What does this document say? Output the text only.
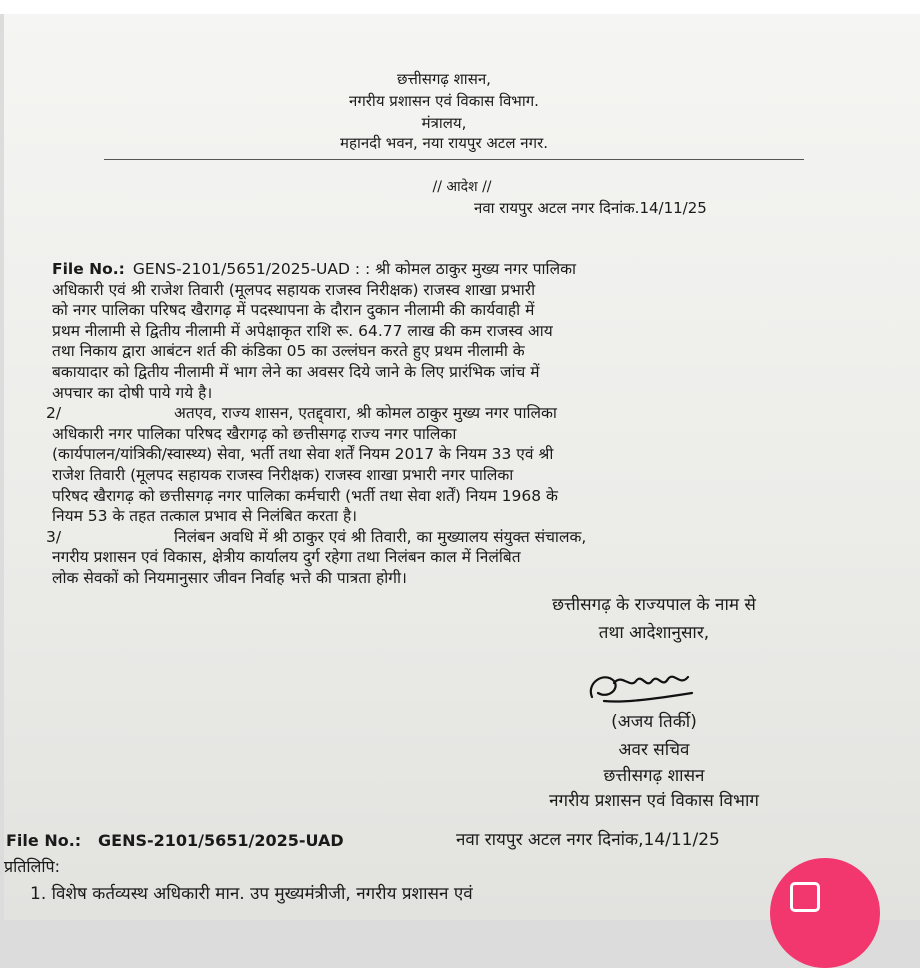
छत्तीसगढ़ शासन,
नगरीय प्रशासन एवं विकास विभाग.
मंत्रालय,
महानदी भवन, नया रायपुर अटल नगर.
// आदेश //
नवा रायपुर अटल नगर दिनांक.14/11/25
File No.: GENS-2101/5651/2025-UAD : : श्री कोमल ठाकुर मुख्य नगर पालिका
अधिकारी एवं श्री राजेश तिवारी (मूलपद सहायक राजस्व निरीक्षक) राजस्व शाखा प्रभारी
को नगर पालिका परिषद खैरागढ़ में पदस्थापना के दौरान दुकान नीलामी की कार्यवाही में
प्रथम नीलामी से द्वितीय नीलामी में अपेक्षाकृत राशि रू. 64.77 लाख की कम राजस्व आय
तथा निकाय द्वारा आबंटन शर्त की कंडिका 05 का उल्लंघन करते हुए प्रथम नीलामी के
बकायादार को द्वितीय नीलामी में भाग लेने का अवसर दिये जाने के लिए प्रारंभिक जांच में
अपचार का दोषी पाये गये है।
2/	अतएव, राज्य शासन, एतद्द्वारा, श्री कोमल ठाकुर मुख्य नगर पालिका
अधिकारी नगर पालिका परिषद खैरागढ़ को छत्तीसगढ़ राज्य नगर पालिका
(कार्यपालन/यांत्रिकी/स्वास्थ्य) सेवा, भर्ती तथा सेवा शर्तें नियम 2017 के नियम 33 एवं श्री
राजेश तिवारी (मूलपद सहायक राजस्व निरीक्षक) राजस्व शाखा प्रभारी नगर पालिका
परिषद खैरागढ़ को छत्तीसगढ़ नगर पालिका कर्मचारी (भर्ती तथा सेवा शर्तें) नियम 1968 के
नियम 53 के तहत तत्काल प्रभाव से निलंबित करता है।
3/	निलंबन अवधि में श्री ठाकुर एवं श्री तिवारी, का मुख्यालय संयुक्त संचालक,
नगरीय प्रशासन एवं विकास, क्षेत्रीय कार्यालय दुर्ग रहेगा तथा निलंबन काल में निलंबित
लोक सेवकों को नियमानुसार जीवन निर्वाह भत्ते की पात्रता होगी।
छत्तीसगढ़ के राज्यपाल के नाम से
तथा आदेशानुसार,
(अजय तिर्की)
अवर सचिव
छत्तीसगढ़ शासन
नगरीय प्रशासन एवं विकास विभाग
File No.: GENS-2101/5651/2025-UAD	नवा रायपुर अटल नगर दिनांक,14/11/25
प्रतिलिपि:
1. विशेष कर्तव्यस्थ अधिकारी मान. उप मुख्यमंत्रीजी, नगरीय प्रशासन एवं
